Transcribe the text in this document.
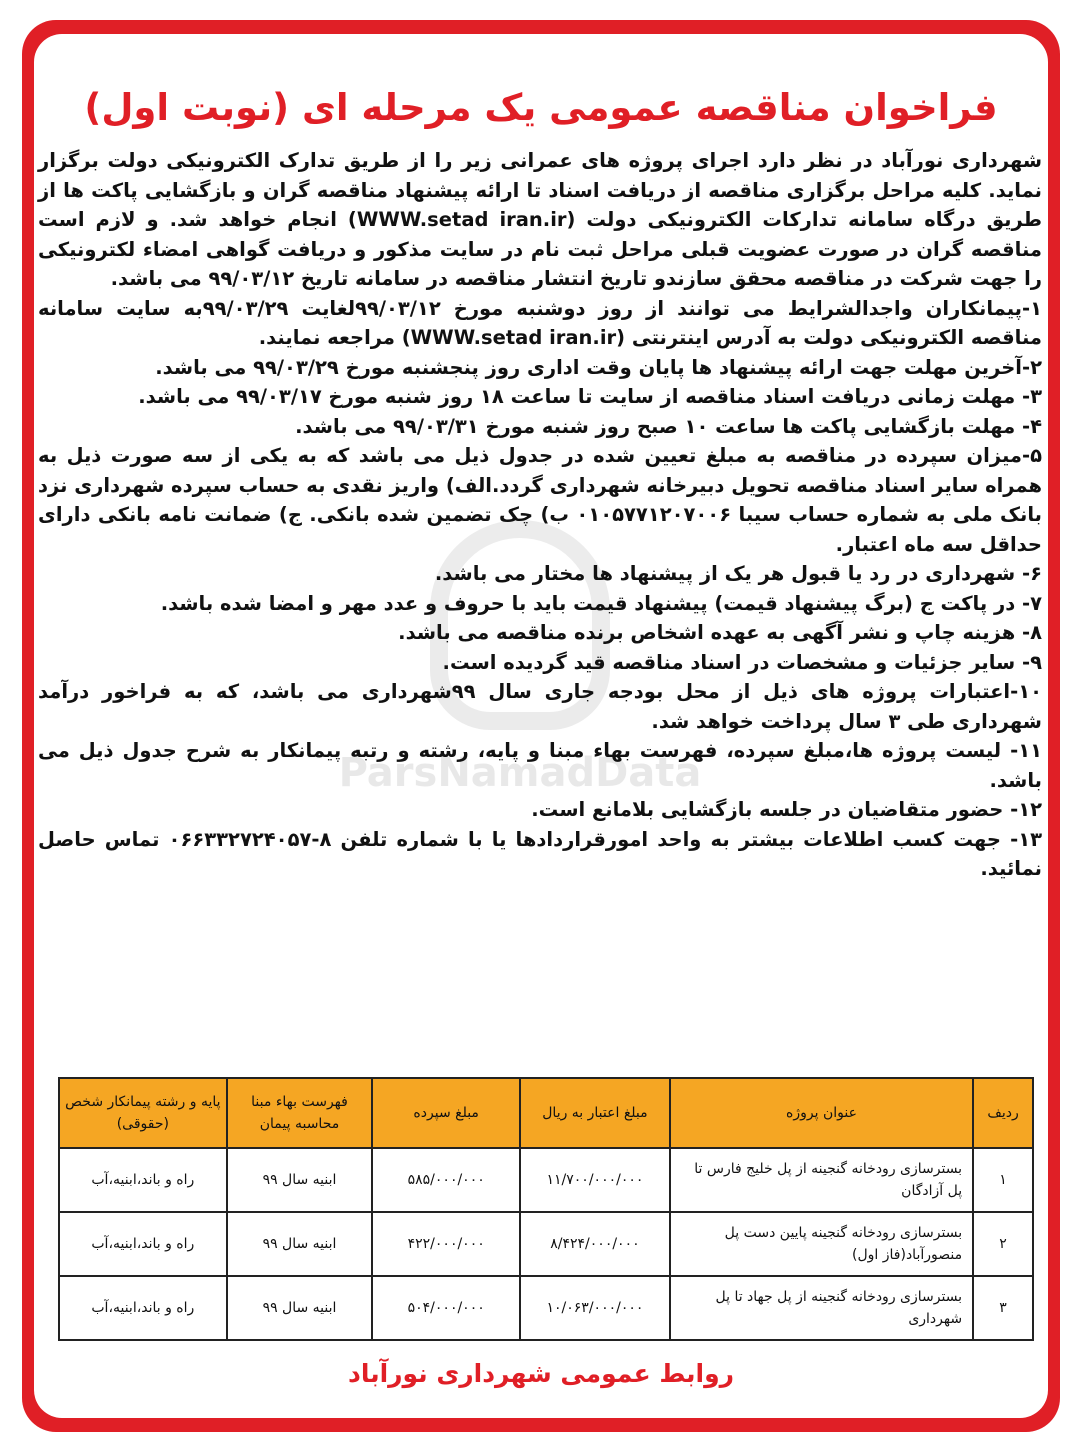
فراخوان مناقصه عمومی یک مرحله ای (نوبت اول)

شهرداری نورآباد در نظر دارد اجرای پروژه های عمرانی زیر را از طریق تدارک الکترونیکی دولت برگزار نماید. کلیه مراحل برگزاری مناقصه از دریافت اسناد تا ارائه پیشنهاد مناقصه گران و بازگشایی پاکت ها از طریق درگاه سامانه تدارکات الکترونیکی دولت (WWW.setad iran.ir) انجام خواهد شد. و لازم است مناقصه گران در صورت عضویت قبلی مراحل ثبت نام در سایت مذکور و دریافت گواهی امضاء لکترونیکی را جهت شرکت در مناقصه محقق سازندو تاریخ انتشار مناقصه در سامانه تاریخ ۹۹/۰۳/۱۲ می باشد.

۱-پیمانکاران واجدالشرایط می توانند از روز دوشنبه مورخ ۹۹/۰۳/۱۲لغایت ۹۹/۰۳/۲۹به سایت سامانه مناقصه الکترونیکی دولت به آدرس اینترنتی (WWW.setad iran.ir) مراجعه نمایند.

۲-آخرین مهلت جهت ارائه پیشنهاد ها پایان وقت اداری روز پنجشنبه مورخ ۹۹/۰۳/۲۹ می باشد.

۳- مهلت زمانی دریافت اسناد مناقصه از سایت تا ساعت ۱۸ روز شنبه مورخ ۹۹/۰۳/۱۷ می باشد.

۴- مهلت بازگشایی پاکت ها ساعت ۱۰ صبح روز شنبه مورخ ۹۹/۰۳/۳۱ می باشد.

۵-میزان سپرده در مناقصه به مبلغ تعیین شده در جدول ذیل می باشد که به یکی از سه صورت ذیل به همراه سایر اسناد مناقصه تحویل دبیرخانه شهرداری گردد.الف) واریز نقدی به حساب سپرده شهرداری نزد بانک ملی به شماره حساب سیبا ۰۱۰۵۷۷۱۲۰۷۰۰۶ ب) چک تضمین شده بانکی. ج) ضمانت نامه بانکی دارای حداقل سه ماه اعتبار.

۶- شهرداری در رد یا قبول هر یک از پیشنهاد ها مختار می باشد.

۷- در پاکت ج (برگ پیشنهاد قیمت) پیشنهاد قیمت باید با حروف و عدد مهر و امضا شده باشد.

۸- هزینه چاپ و نشر آگهی به عهده اشخاص برنده مناقصه می باشد.

۹- سایر جزئیات و مشخصات در اسناد مناقصه قید گردیده است.

۱۰-اعتبارات پروژه های ذیل از محل بودجه جاری سال ۹۹شهرداری می باشد، که به فراخور درآمد شهرداری طی ۳ سال پرداخت خواهد شد.

۱۱- لیست پروژه ها،مبلغ سپرده، فهرست بهاء مبنا و پایه، رشته و رتبه پیمانکار به شرح جدول ذیل می باشد.

۱۲- حضور متقاضیان در جلسه بازگشایی بلامانع است.

۱۳- جهت کسب اطلاعات بیشتر به واحد امورقراردادها یا با شماره تلفن ۸-۰۶۶۳۳۲۷۲۴۰۵۷ تماس حاصل نمائید.

ردیف	عنوان پروژه	مبلغ اعتبار به ریال	مبلغ سپرده	فهرست بهاء مبنا محاسبه پیمان	پایه و رشته پیمانکار شخص (حقوقی)
۱	بسترسازی رودخانه گنجینه از پل خلیج فارس تا پل آزادگان	۱۱/۷۰۰/۰۰۰/۰۰۰	۵۸۵/۰۰۰/۰۰۰	ابنیه سال ۹۹	راه و باند،ابنیه،آب
۲	بسترسازی رودخانه گنجینه پایین دست پل منصورآباد(فاز اول)	۸/۴۲۴/۰۰۰/۰۰۰	۴۲۲/۰۰۰/۰۰۰	ابنیه سال ۹۹	راه و باند،ابنیه،آب
۳	بسترسازی رودخانه گنجینه از پل جهاد تا پل شهرداری	۱۰/۰۶۳/۰۰۰/۰۰۰	۵۰۴/۰۰۰/۰۰۰	ابنیه سال ۹۹	راه و باند،ابنیه،آب
روابط عمومی شهرداری نورآباد
